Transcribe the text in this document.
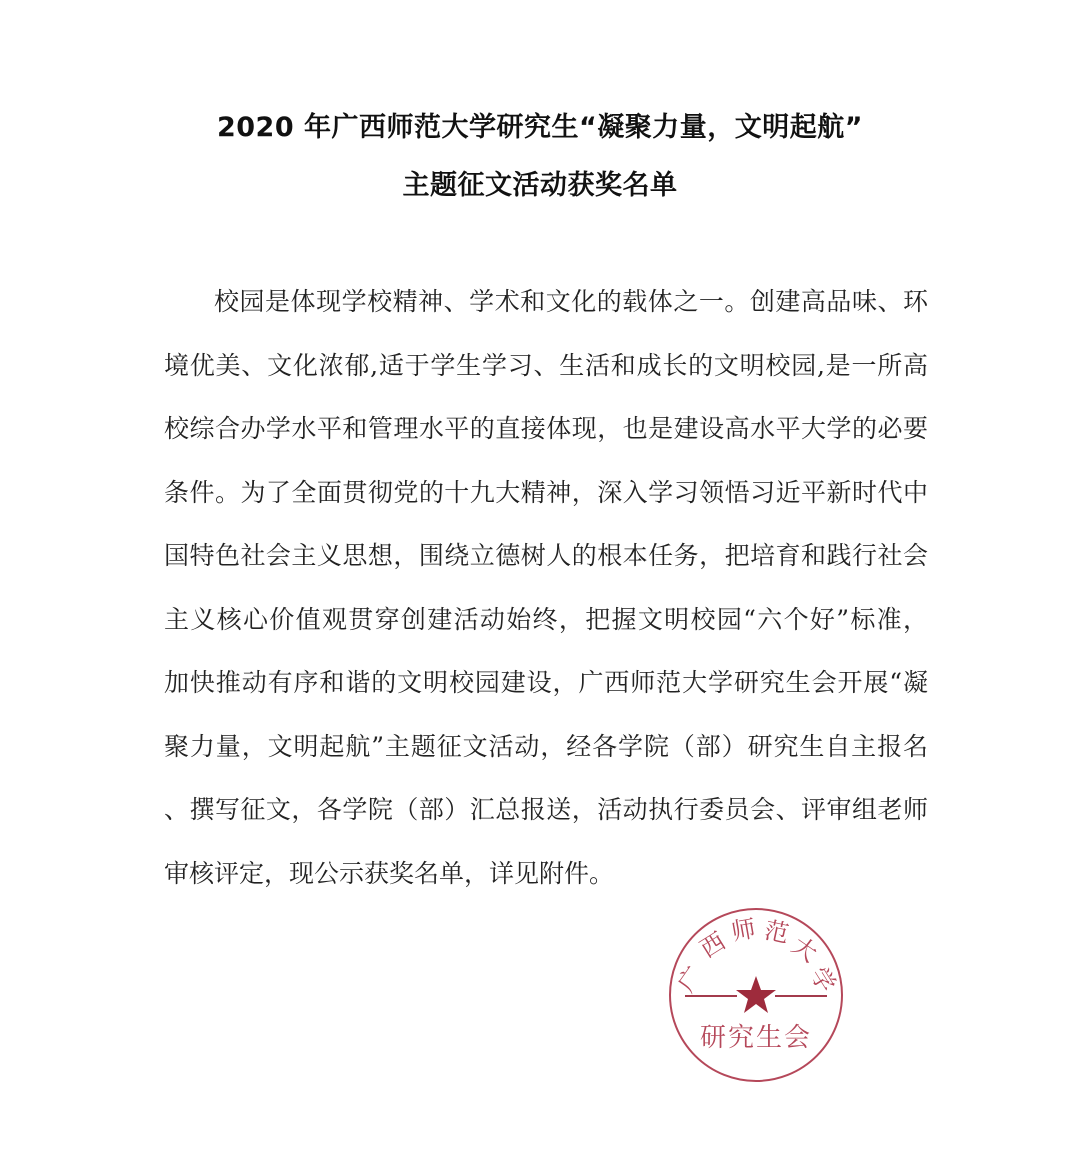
2020 年广西师范大学研究生“凝聚力量，文明起航”
主题征文活动获奖名单
校园是体现学校精神、学术和文化的载体之一。创建高品味、环
境优美、文化浓郁,适于学生学习、生活和成长的文明校园,是一所高
校综合办学水平和管理水平的直接体现，也是建设高水平大学的必要
条件。为了全面贯彻党的十九大精神，深入学习领悟习近平新时代中
国特色社会主义思想，围绕立德树人的根本任务，把培育和践行社会
主义核心价值观贯穿创建活动始终，把握文明校园“六个好”标准，
加快推动有序和谐的文明校园建设，广西师范大学研究生会开展“凝
聚力量，文明起航”主题征文活动，经各学院（部）研究生自主报名
、撰写征文，各学院（部）汇总报送，活动执行委员会、评审组老师
审核评定，现公示获奖名单，详见附件。
广
西 师 范
大
学
研究生会
